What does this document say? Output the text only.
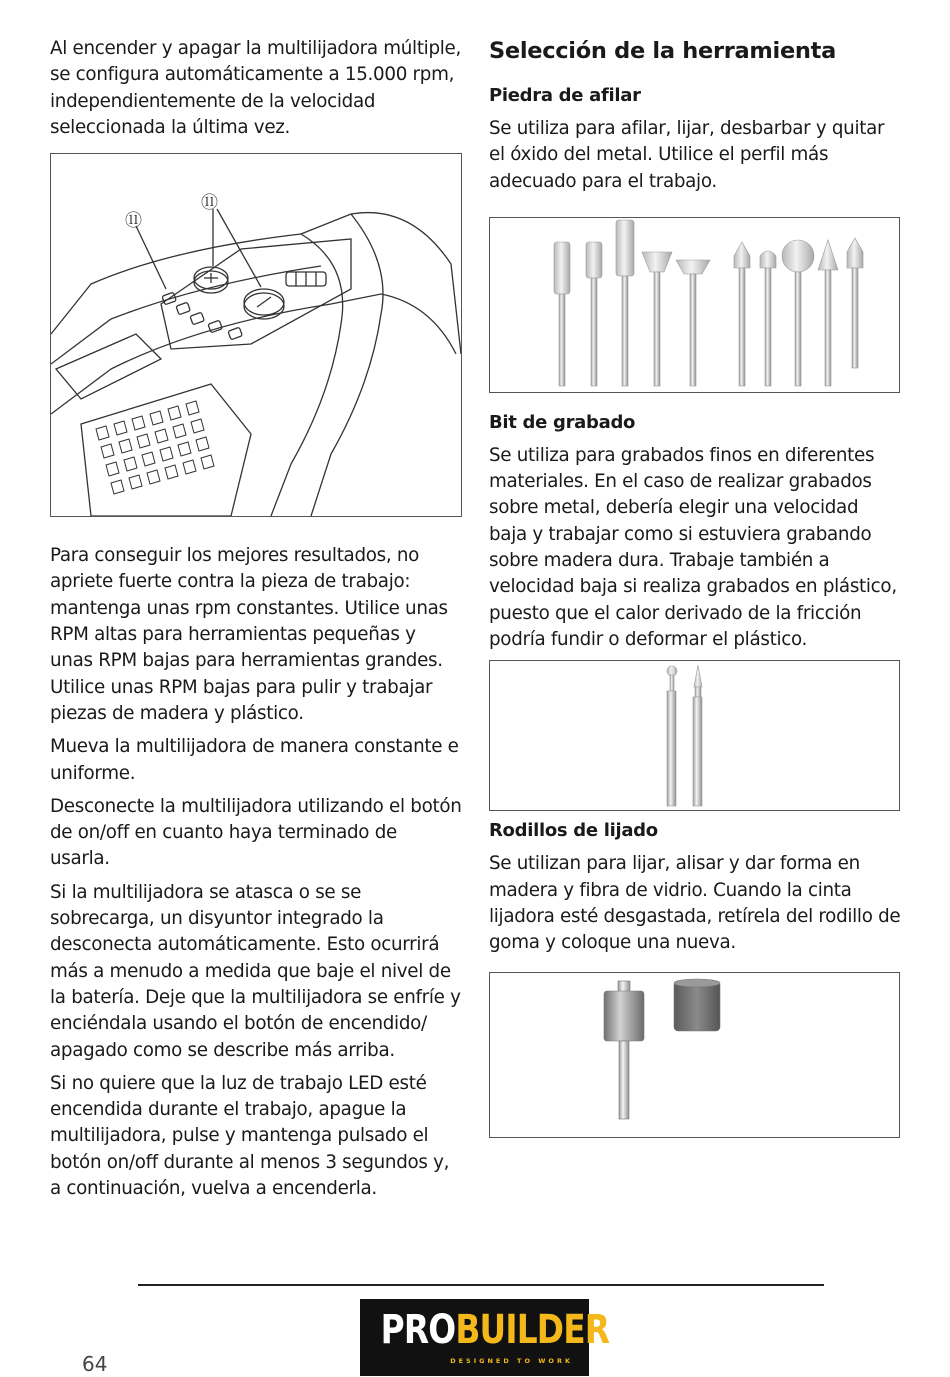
Al encender y apagar la multilijadora múltiple, se configura automáticamente a 15.000 rpm, independientemente de la velocidad seleccionada la última vez.

⑪
⑪

Para conseguir los mejores resultados, no apriete fuerte contra la pieza de trabajo: mantenga unas rpm constantes. Utilice unas RPM altas para herramientas pequeñas y unas RPM bajas para herramientas grandes. Utilice unas RPM bajas para pulir y trabajar piezas de madera y plástico.

Mueva la multilijadora de manera constante e uniforme.

Desconecte la multilijadora utilizando el botón de on/off en cuanto haya terminado de usarla.

Si la multilijadora se atasca o se se sobrecarga, un disyuntor integrado la desconecta automáticamente. Esto ocurrirá más a menudo a medida que baje el nivel de la batería. Deje que la multilijadora se enfríe y enciéndala usando el botón de encendido/ apagado como se describe más arriba.

Si no quiere que la luz de trabajo LED esté encendida durante el trabajo, apague la multilijadora, pulse y mantenga pulsado el botón on/off durante al menos 3 segundos y, a continuación, vuelva a encenderla.

Selección de la herramienta
Piedra de afilar

Se utiliza para afilar, lijar, desbarbar y quitar el óxido del metal. Utilice el perfil más adecuado para el trabajo.

Bit de grabado

Se utiliza para grabados finos en diferentes materiales. En el caso de realizar grabados sobre metal, debería elegir una velocidad baja y trabajar como si estuviera grabando sobre madera dura. Trabaje también a velocidad baja si realiza grabados en plástico, puesto que el calor derivado de la fricción podría fundir o deformar el plástico.

Rodillos de lijado

Se utilizan para lijar, alisar y dar forma en madera y fibra de vidrio. Cuando la cinta lijadora esté desgastada, retírela del rodillo de goma y coloque una nueva.

64
PROBUILDER
DESIGNED TO WORK
